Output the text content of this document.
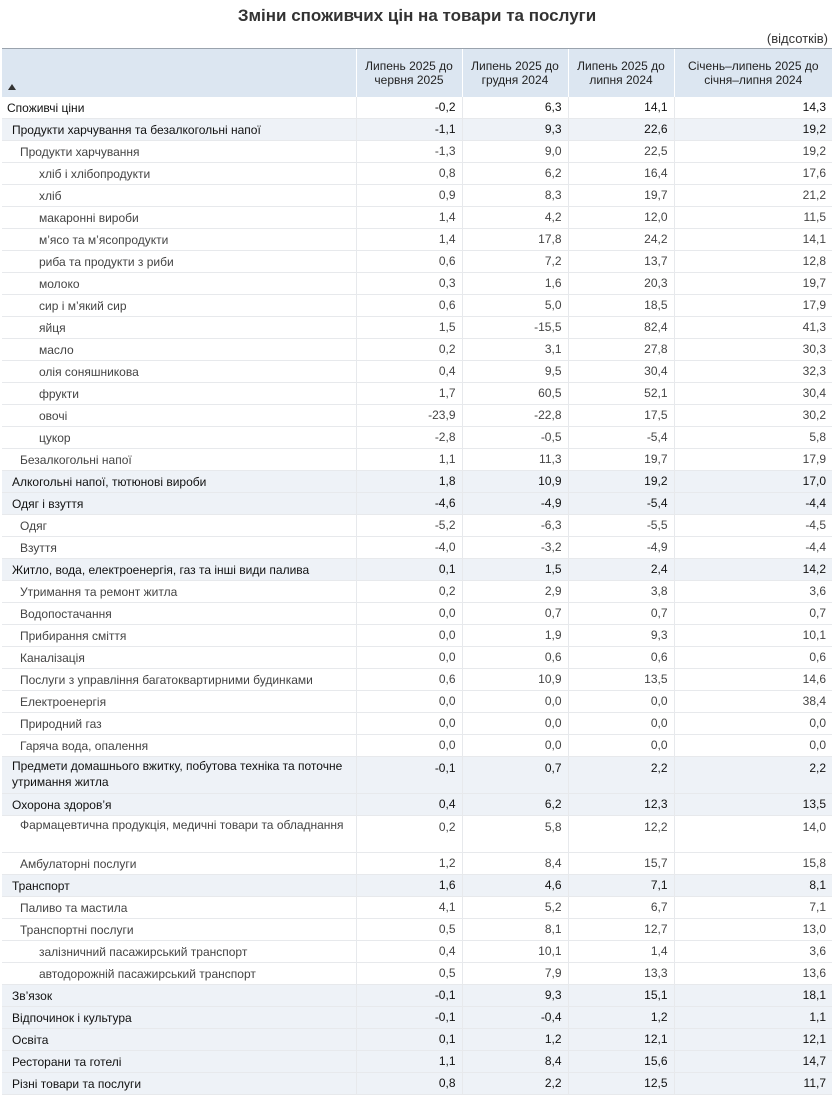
Зміни споживчих цін на товари та послуги
(відсотків)
	Липень 2025 до червня 2025	Липень 2025 до грудня 2024	Липень 2025 до липня 2024	Січень–липень 2025 до січня–липня 2024
Споживчі ціни	-0,2	6,3	14,1	14,3
Продукти харчування та безалкогольні напої	-1,1	9,3	22,6	19,2
Продукти харчування	-1,3	9,0	22,5	19,2
хліб і хлібопродукти	0,8	6,2	16,4	17,6
хліб	0,9	8,3	19,7	21,2
макаронні вироби	1,4	4,2	12,0	11,5
м’ясо та м’ясопродукти	1,4	17,8	24,2	14,1
риба та продукти з риби	0,6	7,2	13,7	12,8
молоко	0,3	1,6	20,3	19,7
сир і м’який сир	0,6	5,0	18,5	17,9
яйця	1,5	-15,5	82,4	41,3
масло	0,2	3,1	27,8	30,3
олія соняшникова	0,4	9,5	30,4	32,3
фрукти	1,7	60,5	52,1	30,4
овочі	-23,9	-22,8	17,5	30,2
цукор	-2,8	-0,5	-5,4	5,8
Безалкогольні напої	1,1	11,3	19,7	17,9
Алкогольні напої, тютюнові вироби	1,8	10,9	19,2	17,0
Одяг і взуття	-4,6	-4,9	-5,4	-4,4
Одяг	-5,2	-6,3	-5,5	-4,5
Взуття	-4,0	-3,2	-4,9	-4,4
Житло, вода, електроенергія, газ та інші види палива	0,1	1,5	2,4	14,2
Утримання та ремонт житла	0,2	2,9	3,8	3,6
Водопостачання	0,0	0,7	0,7	0,7
Прибирання сміття	0,0	1,9	9,3	10,1
Каналізація	0,0	0,6	0,6	0,6
Послуги з управління багатоквартирними будинками	0,6	10,9	13,5	14,6
Електроенергія	0,0	0,0	0,0	38,4
Природний газ	0,0	0,0	0,0	0,0
Гаряча вода, опалення	0,0	0,0	0,0	0,0
Предмети домашнього вжитку, побутова техніка та поточне утримання житла	-0,1	0,7	2,2	2,2
Охорона здоров’я	0,4	6,2	12,3	13,5
Фармацевтична продукція, медичні товари та обладнання	0,2	5,8	12,2	14,0
Амбулаторні послуги	1,2	8,4	15,7	15,8
Транспорт	1,6	4,6	7,1	8,1
Паливо та мастила	4,1	5,2	6,7	7,1
Транспортні послуги	0,5	8,1	12,7	13,0
залізничний пасажирський транспорт	0,4	10,1	1,4	3,6
автодорожній пасажирський транспорт	0,5	7,9	13,3	13,6
Зв’язок	-0,1	9,3	15,1	18,1
Відпочинок і культура	-0,1	-0,4	1,2	1,1
Освіта	0,1	1,2	12,1	12,1
Ресторани та готелі	1,1	8,4	15,6	14,7
Різні товари та послуги	0,8	2,2	12,5	11,7
